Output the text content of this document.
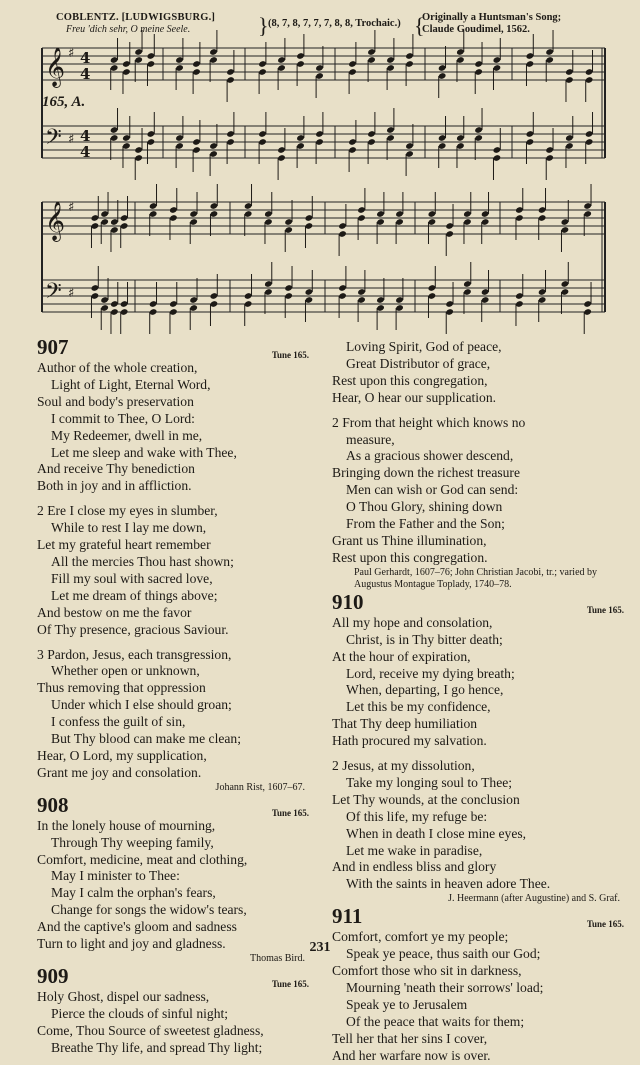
COBLENTZ. [LUDWIGSBURG.]
Freu 'dich sehr, O meine Seele.	} (8, 7, 8, 7, 7, 7, 8, 8, Trochaic.) {
Originally a Huntsman's Song;
Claude Goudimel, 1562.
𝄞 ♯ 4
4
𝄢 ♯ 4
4
𝄞 ♯
𝄢 ♯
165, A.
907	Tune 165.
Author of the whole creation,
Light of Light, Eternal Word,
Soul and body's preservation
I commit to Thee, O Lord:
My Redeemer, dwell in me,
Let me sleep and wake with Thee,
And receive Thy benediction
Both in joy and in affliction.
2 Ere I close my eyes in slumber,
While to rest I lay me down,
Let my grateful heart remember
All the mercies Thou hast shown;
Fill my soul with sacred love,
Let me dream of things above;
And bestow on me the favor
Of Thy presence, gracious Saviour.
3 Pardon, Jesus, each transgression,
Whether open or unknown,
Thus removing that oppression
Under which I else should groan;
I confess the guilt of sin,
But Thy blood can make me clean;
Hear, O Lord, my supplication,
Grant me joy and consolation.
Johann Rist, 1607–67.
908	Tune 165.
In the lonely house of mourning,
Through Thy weeping family,
Comfort, medicine, meat and clothing,
May I minister to Thee:
May I calm the orphan's fears,
Change for songs the widow's tears,
And the captive's gloom and sadness
Turn to light and joy and gladness.
Thomas Bird.
909	Tune 165.
Holy Ghost, dispel our sadness,
Pierce the clouds of sinful night;
Come, Thou Source of sweetest gladness,
Breathe Thy life, and spread Thy light;
Loving Spirit, God of peace,
Great Distributor of grace,
Rest upon this congregation,
Hear, O hear our supplication.
2 From that height which knows no
measure,
As a gracious shower descend,
Bringing down the richest treasure
Men can wish or God can send:
O Thou Glory, shining down
From the Father and the Son;
Grant us Thine illumination,
Rest upon this congregation.
Paul Gerhardt, 1607–76; John Christian Jacobi, tr.; varied by Augustus Montague Toplady, 1740–78.
910	Tune 165.
All my hope and consolation,
Christ, is in Thy bitter death;
At the hour of expiration,
Lord, receive my dying breath;
When, departing, I go hence,
Let this be my confidence,
That Thy deep humiliation
Hath procured my salvation.
2 Jesus, at my dissolution,
Take my longing soul to Thee;
Let Thy wounds, at the conclusion
Of this life, my refuge be:
When in death I close mine eyes,
Let me wake in paradise,
And in endless bliss and glory
With the saints in heaven adore Thee.
J. Heermann (after Augustine) and S. Graf.
911	Tune 165.
Comfort, comfort ye my people;
Speak ye peace, thus saith our God;
Comfort those who sit in darkness,
Mourning 'neath their sorrows' load;
Speak ye to Jerusalem
Of the peace that waits for them;
Tell her that her sins I cover,
And her warfare now is over.
231
